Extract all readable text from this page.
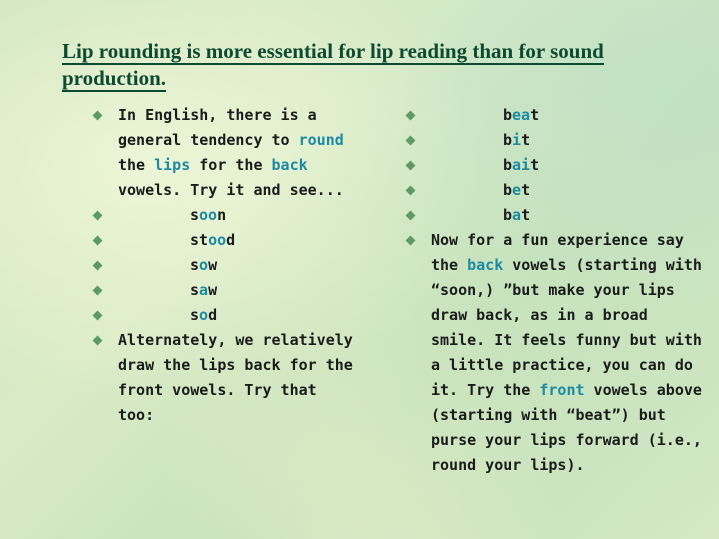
Lip rounding is more essential for lip reading than for sound
production.
In English, there is a general tendency to round the lips for the back vowels. Try it and see...
soon
stood
sow
saw
sod
Alternately, we relatively draw the lips back for the front vowels. Try that too:
beat
bit
bait
bet
bat
Now for a fun experience say the back vowels (starting with “soon,) ”but make your lips draw back, as in a broad smile. It feels funny but with a little practice, you can do it. Try the front vowels above (starting with “beat”) but purse your lips forward (i.e., round your lips).
